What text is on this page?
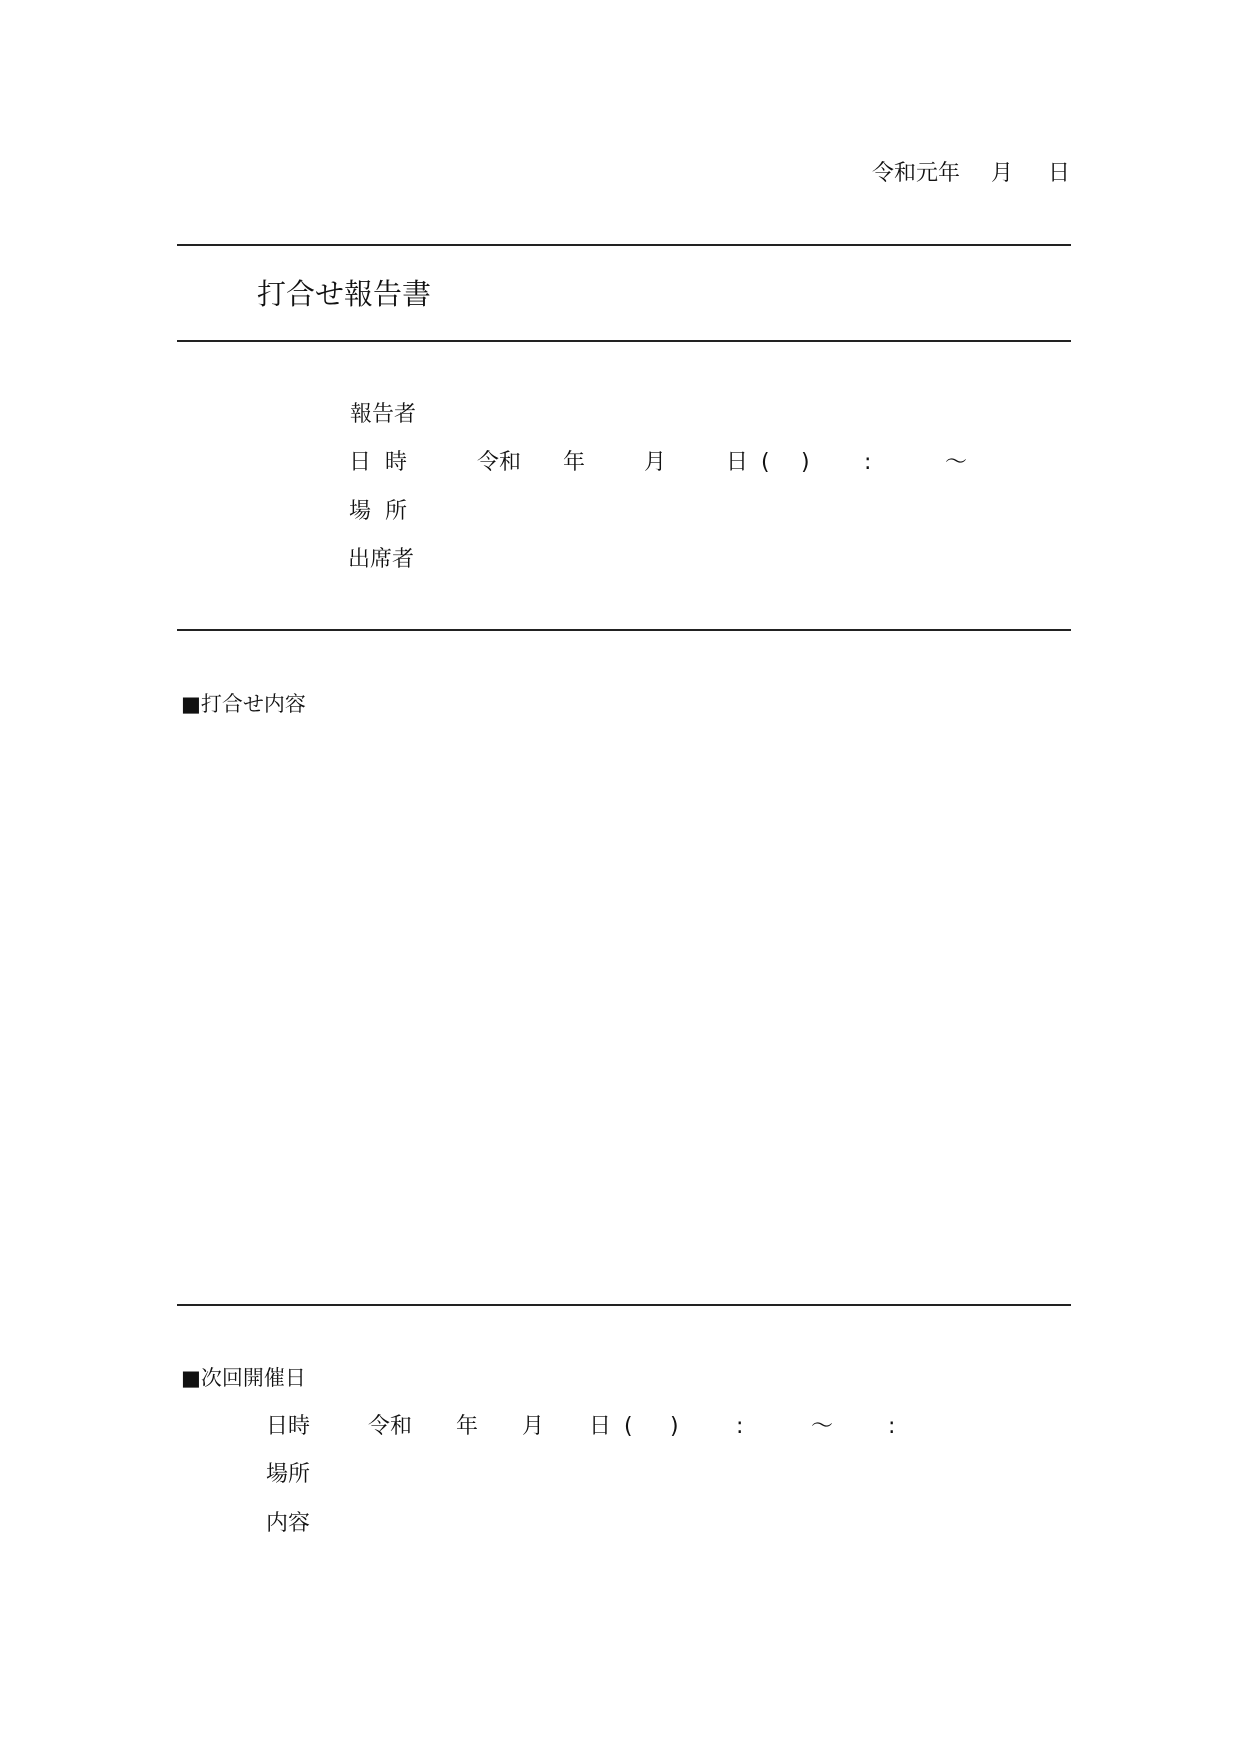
令和元年 月 日
打合せ報告書
報告者
日 時	令和 年	月	日 ( ) :	～
場 所
出席者
■打合せ内容
■次回開催日
日時	令和 年 月 日 ( )	:	～ :
場所
内容
